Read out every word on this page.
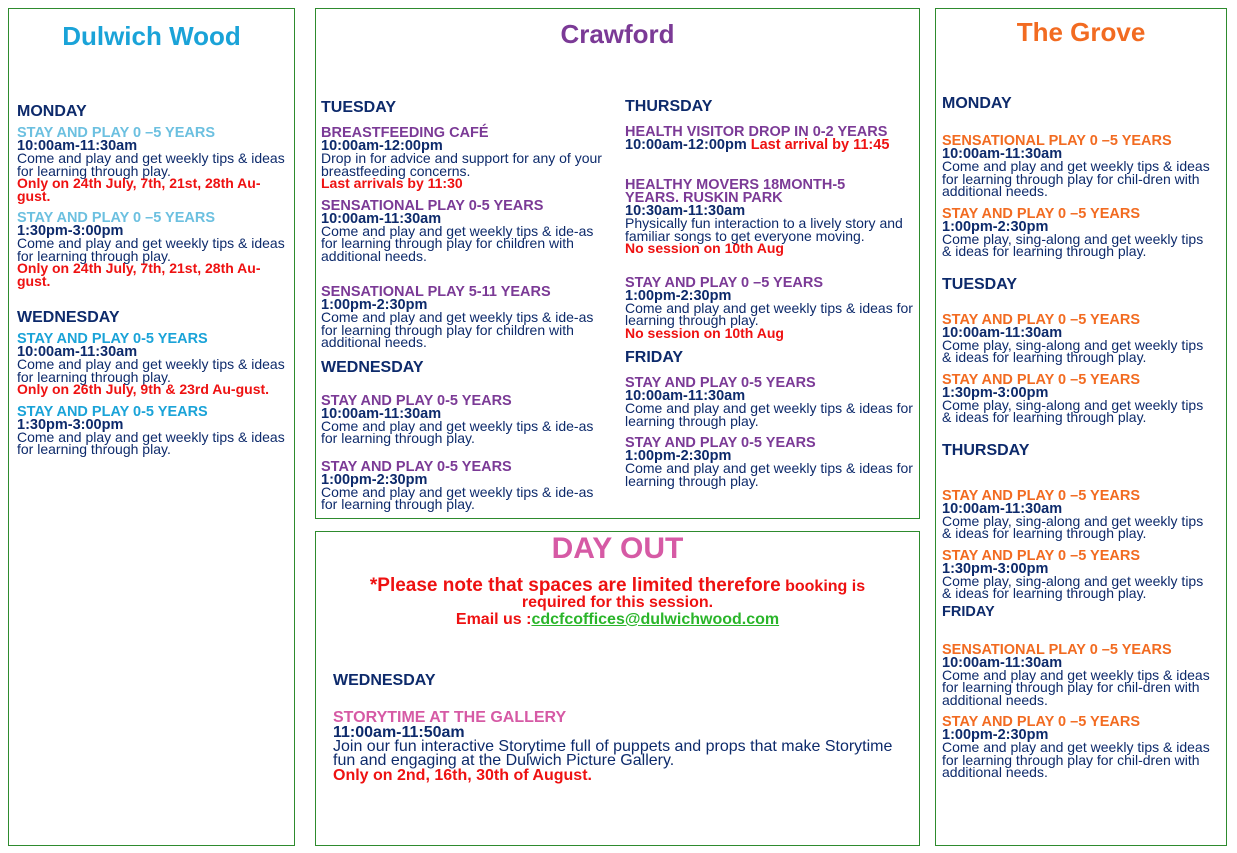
Dulwich Wood
MONDAY
STAY AND PLAY 0 –5 YEARS
10:00am-11:30am
Come and play and get weekly tips & ideas for learning through play.
Only on 24th July, 7th, 21st, 28th Au-gust.
STAY AND PLAY 0 –5 YEARS
1:30pm-3:00pm
Come and play and get weekly tips & ideas for learning through play.
Only on 24th July, 7th, 21st, 28th Au-gust.
WEDNESDAY
STAY AND PLAY 0-5 YEARS
10:00am-11:30am
Come and play and get weekly tips & ideas for learning through play.
Only on 26th July, 9th & 23rd Au-gust.
STAY AND PLAY 0-5 YEARS
1:30pm-3:00pm
Come and play and get weekly tips & ideas for learning through play.
Crawford
TUESDAY
BREASTFEEDING CAFÉ
10:00am-12:00pm
Drop in for advice and support for any of your breastfeeding concerns.
Last arrivals by 11:30
SENSATIONAL PLAY 0-5 YEARS
10:00am-11:30am
Come and play and get weekly tips & ide-as for learning through play for children with additional needs.
SENSATIONAL PLAY 5-11 YEARS
1:00pm-2:30pm
Come and play and get weekly tips & ide-as for learning through play for children with additional needs.
WEDNESDAY
STAY AND PLAY 0-5 YEARS
10:00am-11:30am
Come and play and get weekly tips & ide-as for learning through play.
STAY AND PLAY 0-5 YEARS
1:00pm-2:30pm
Come and play and get weekly tips & ide-as for learning through play.
THURSDAY
HEALTH VISITOR DROP IN 0-2 YEARS
10:00am-12:00pm Last arrival by 11:45
HEALTHY MOVERS 18MONTH-5 YEARS. RUSKIN PARK
10:30am-11:30am
Physically fun interaction to a lively story and familiar songs to get everyone moving.
No session on 10th Aug
STAY AND PLAY 0 –5 YEARS
1:00pm-2:30pm
Come and play and get weekly tips & ideas for learning through play.
No session on 10th Aug
FRIDAY
STAY AND PLAY 0-5 YEARS
10:00am-11:30am
Come and play and get weekly tips & ideas for learning through play.
STAY AND PLAY 0-5 YEARS
1:00pm-2:30pm
Come and play and get weekly tips & ideas for learning through play.
DAY OUT
*Please note that spaces are limited therefore booking is required for this session.
Email us :cdcfcoffices@dulwichwood.com
WEDNESDAY
STORYTIME AT THE GALLERY
11:00am-11:50am
Join our fun interactive Storytime full of puppets and props that make Storytime fun and engaging at the Dulwich Picture Gallery.
Only on 2nd, 16th, 30th of August.
The Grove
MONDAY
SENSATIONAL PLAY 0 –5 YEARS
10:00am-11:30am
Come and play and get weekly tips & ideas for learning through play for chil-dren with additional needs.
STAY AND PLAY 0 –5 YEARS
1:00pm-2:30pm
Come play, sing-along and get weekly tips & ideas for learning through play.
TUESDAY
STAY AND PLAY 0 –5 YEARS
10:00am-11:30am
Come play, sing-along and get weekly tips & ideas for learning through play.
STAY AND PLAY 0 –5 YEARS
1:30pm-3:00pm
Come play, sing-along and get weekly tips & ideas for learning through play.
THURSDAY
STAY AND PLAY 0 –5 YEARS
10:00am-11:30am
Come play, sing-along and get weekly tips & ideas for learning through play.
STAY AND PLAY 0 –5 YEARS
1:30pm-3:00pm
Come play, sing-along and get weekly tips & ideas for learning through play.
FRIDAY
SENSATIONAL PLAY 0 –5 YEARS
10:00am-11:30am
Come and play and get weekly tips & ideas for learning through play for chil-dren with additional needs.
STAY AND PLAY 0 –5 YEARS
1:00pm-2:30pm
Come and play and get weekly tips & ideas for learning through play for chil-dren with additional needs.
